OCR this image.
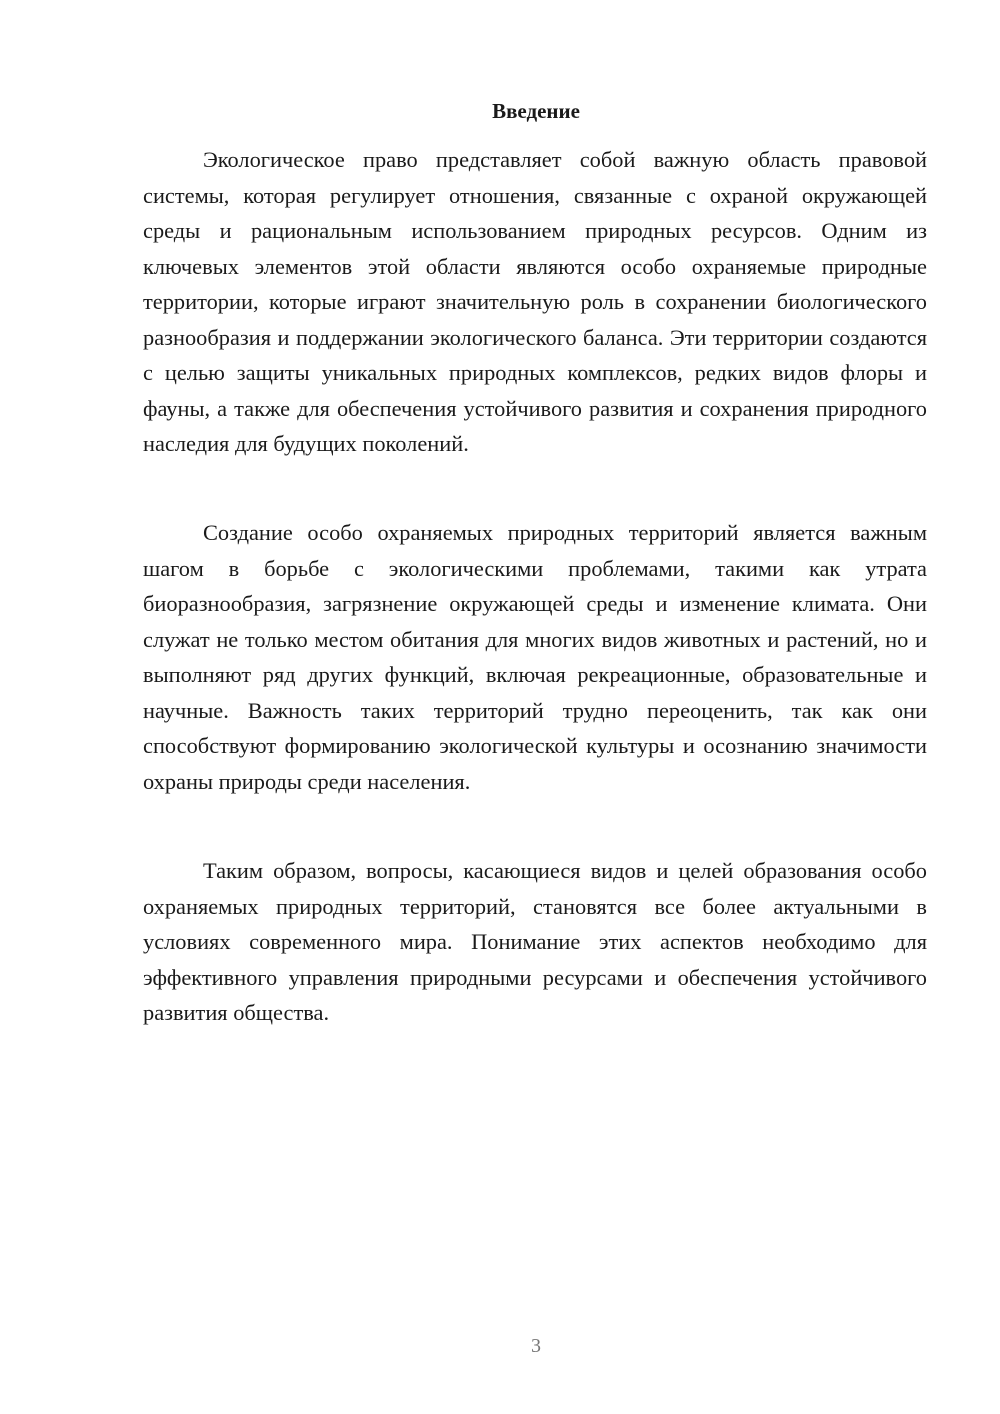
Введение

Экологическое право представляет собой важную область правовой системы, которая регулирует отношения, связанные с охраной окружающей среды и рациональным использованием природных ресурсов. Одним из ключевых элементов этой области являются особо охраняемые природные территории, которые играют значительную роль в сохранении биологического разнообразия и поддержании экологического баланса. Эти территории создаются с целью защиты уникальных природных комплексов, редких видов флоры и фауны, а также для обеспечения устойчивого развития и сохранения природного наследия для будущих поколений.

Создание особо охраняемых природных территорий является важным шагом в борьбе с экологическими проблемами, такими как утрата биоразнообразия, загрязнение окружающей среды и изменение климата. Они служат не только местом обитания для многих видов животных и растений, но и выполняют ряд других функций, включая рекреационные, образовательные и научные. Важность таких территорий трудно переоценить, так как они способствуют формированию экологической культуры и осознанию значимости охраны природы среди населения.

Таким образом, вопросы, касающиеся видов и целей образования особо охраняемых природных территорий, становятся все более актуальными в условиях современного мира. Понимание этих аспектов необходимо для эффективного управления природными ресурсами и обеспечения устойчивого развития общества.

3
